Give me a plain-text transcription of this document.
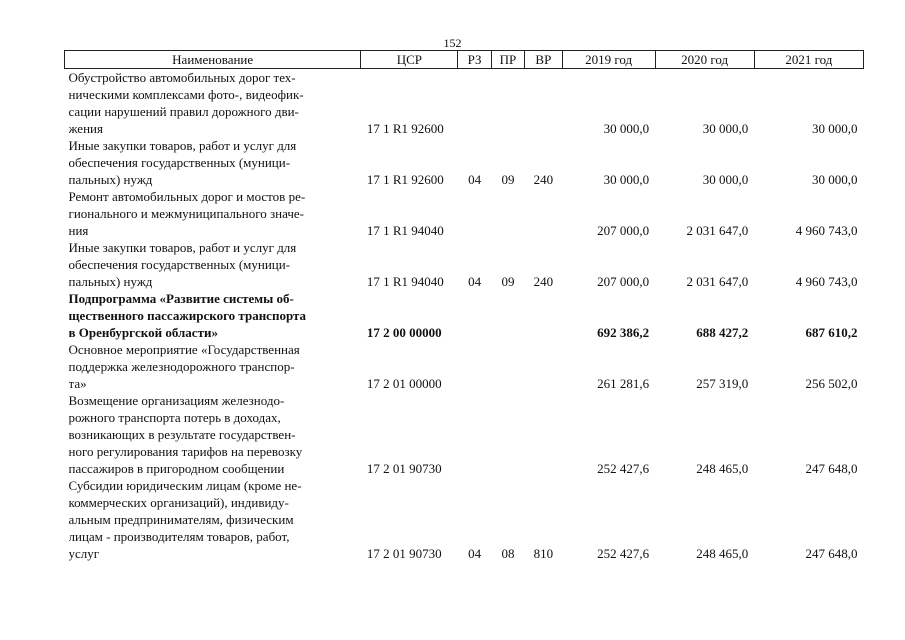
152
Наименование	ЦСР	РЗ	ПР	ВР	2019 год	2020 год	2021 год

Обустройство автомобильных дорог тех-
ническими комплексами фото-, видеофик-
сации нарушений правил дорожного дви-
жения	17 1 R1 92600				30 000,0	30 000,0	30 000,0

Иные закупки товаров, работ и услуг для
обеспечения государственных (муници-
пальных) нужд	17 1 R1 92600	04	09	240	30 000,0	30 000,0	30 000,0

Ремонт автомобильных дорог и мостов ре-
гионального и межмуниципального значе-
ния	17 1 R1 94040				207 000,0	2 031 647,0	4 960 743,0

Иные закупки товаров, работ и услуг для
обеспечения государственных (муници-
пальных) нужд	17 1 R1 94040	04	09	240	207 000,0	2 031 647,0	4 960 743,0

Подпрограмма «Развитие системы об-
щественного пассажирского транспорта
в Оренбургской области»	17 2 00 00000				692 386,2	688 427,2	687 610,2

Основное мероприятие «Государственная
поддержка железнодорожного транспор-
та»	17 2 01 00000				261 281,6	257 319,0	256 502,0

Возмещение организациям железнодо-
рожного транспорта потерь в доходах,
возникающих в результате государствен-
ного регулирования тарифов на перевозку
пассажиров в пригородном сообщении	17 2 01 90730				252 427,6	248 465,0	247 648,0

Субсидии юридическим лицам (кроме не-
коммерческих организаций), индивиду-
альным предпринимателям, физическим
лицам - производителям товаров, работ,
услуг	17 2 01 90730	04	08	810	252 427,6	248 465,0	247 648,0
